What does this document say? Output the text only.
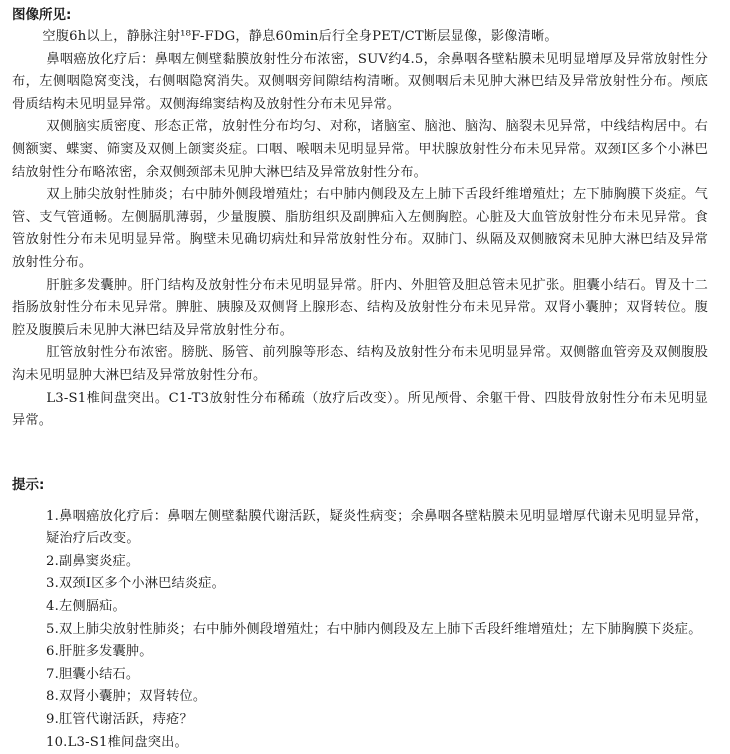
图像所见:

空腹6h以上，静脉注射¹⁸F-FDG，静息60min后行全身PET/CT断层显像，影像清晰。

鼻咽癌放化疗后：鼻咽左侧壁黏膜放射性分布浓密，SUV约4.5，余鼻咽各壁粘膜未见明显增厚及异常放射性分布，左侧咽隐窝变浅，右侧咽隐窝消失。双侧咽旁间隙结构清晰。双侧咽后未见肿大淋巴结及异常放射性分布。颅底骨质结构未见明显异常。双侧海绵窦结构及放射性分布未见异常。

双侧脑实质密度、形态正常，放射性分布均匀、对称，诸脑室、脑池、脑沟、脑裂未见异常，中线结构居中。右侧额窦、蝶窦、筛窦及双侧上颌窦炎症。口咽、喉咽未见明显异常。甲状腺放射性分布未见异常。双颈I区多个小淋巴结放射性分布略浓密，余双侧颈部未见肿大淋巴结及异常放射性分布。

双上肺尖放射性肺炎；右中肺外侧段增殖灶；右中肺内侧段及左上肺下舌段纤维增殖灶；左下肺胸膜下炎症。气管、支气管通畅。左侧膈肌薄弱，少量腹膜、脂肪组织及副脾疝入左侧胸腔。心脏及大血管放射性分布未见异常。食管放射性分布未见明显异常。胸壁未见确切病灶和异常放射性分布。双肺门、纵隔及双侧腋窝未见肿大淋巴结及异常放射性分布。

肝脏多发囊肿。肝门结构及放射性分布未见明显异常。肝内、外胆管及胆总管未见扩张。胆囊小结石。胃及十二指肠放射性分布未见异常。脾脏、胰腺及双侧肾上腺形态、结构及放射性分布未见异常。双肾小囊肿；双肾转位。腹腔及腹膜后未见肿大淋巴结及异常放射性分布。

肛管放射性分布浓密。膀胱、肠管、前列腺等形态、结构及放射性分布未见明显异常。双侧髂血管旁及双侧腹股沟未见明显肿大淋巴结及异常放射性分布。

L3-S1椎间盘突出。C1-T3放射性分布稀疏（放疗后改变）。所见颅骨、余躯干骨、四肢骨放射性分布未见明显异常。

提示:
1.鼻咽癌放化疗后：鼻咽左侧壁黏膜代谢活跃，疑炎性病变；余鼻咽各壁粘膜未见明显增厚代谢未见明显异常，疑治疗后改变。
2.副鼻窦炎症。
3.双颈I区多个小淋巴结炎症。
4.左侧膈疝。
5.双上肺尖放射性肺炎；右中肺外侧段增殖灶；右中肺内侧段及左上肺下舌段纤维增殖灶；左下肺胸膜下炎症。
6.肝脏多发囊肿。
7.胆囊小结石。
8.双肾小囊肿；双肾转位。
9.肛管代谢活跃，痔疮？
10.L3-S1椎间盘突出。
